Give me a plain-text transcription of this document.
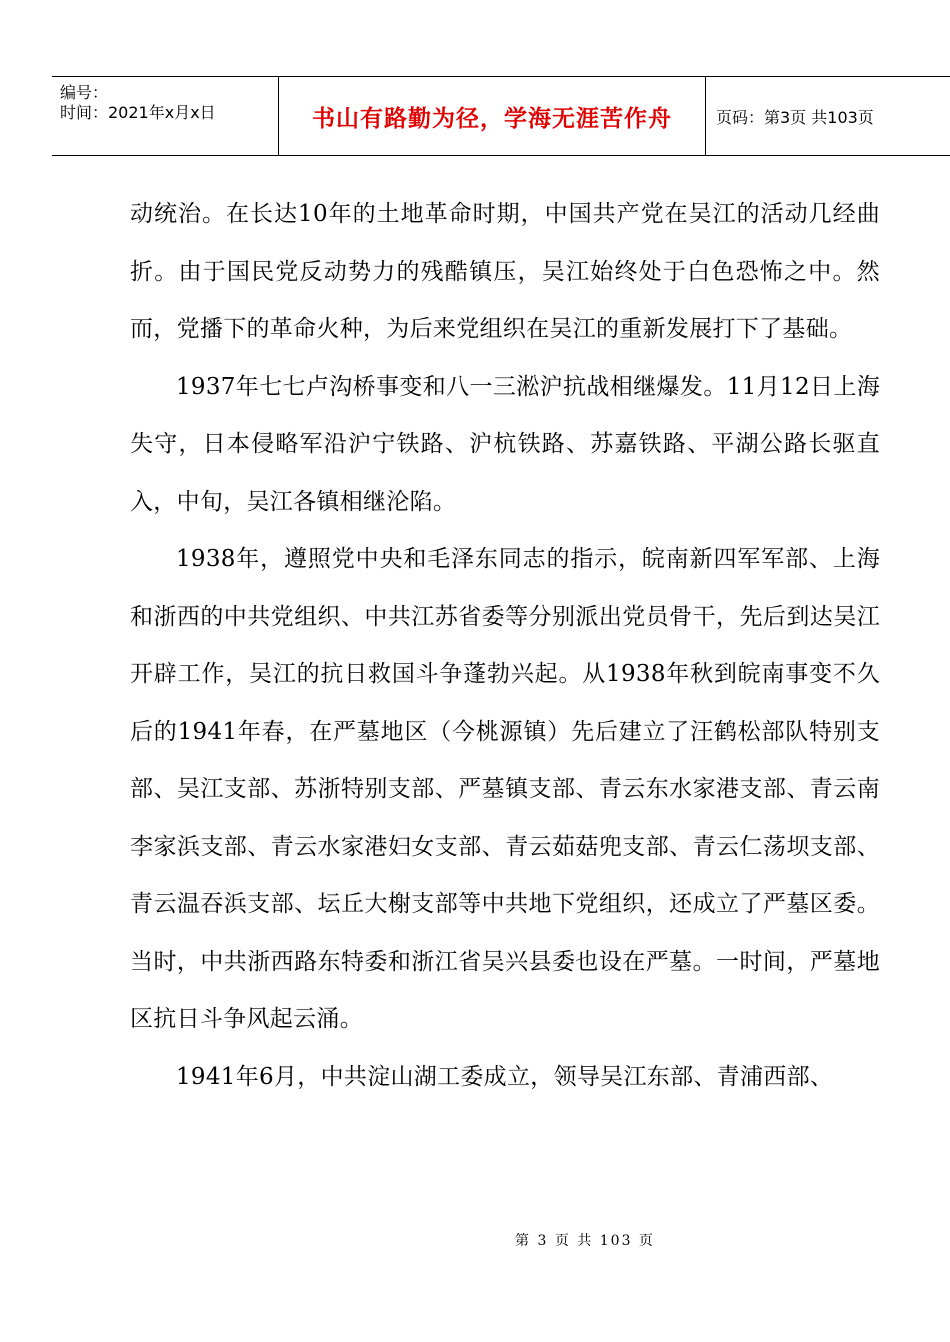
编号：
时间：2021年x月x日	书山有路勤为径，学海无涯苦作舟	页码：第3页 共103页

动统治。在长达10年的土地革命时期，中国共产党在吴江的活动几经曲折。由于国民党反动势力的残酷镇压，吴江始终处于白色恐怖之中。然而，党播下的革命火种，为后来党组织在吴江的重新发展打下了基础。

1937年七七卢沟桥事变和八一三淞沪抗战相继爆发。11月12日上海失守，日本侵略军沿沪宁铁路、沪杭铁路、苏嘉铁路、平湖公路长驱直入，中旬，吴江各镇相继沦陷。

1938年，遵照党中央和毛泽东同志的指示，皖南新四军军部、上海和浙西的中共党组织、中共江苏省委等分别派出党员骨干，先后到达吴江开辟工作，吴江的抗日救国斗争蓬勃兴起。从1938年秋到皖南事变不久后的1941年春，在严墓地区（今桃源镇）先后建立了汪鹤松部队特别支部、吴江支部、苏浙特别支部、严墓镇支部、青云东水家港支部、青云南李家浜支部、青云水家港妇女支部、青云茹菇兜支部、青云仁荡坝支部、青云温吞浜支部、坛丘大榭支部等中共地下党组织，还成立了严墓区委。当时，中共浙西路东特委和浙江省吴兴县委也设在严墓。一时间，严墓地区抗日斗争风起云涌。

1941年6月，中共淀山湖工委成立，领导吴江东部、青浦西部、

第 3 页 共 103 页
